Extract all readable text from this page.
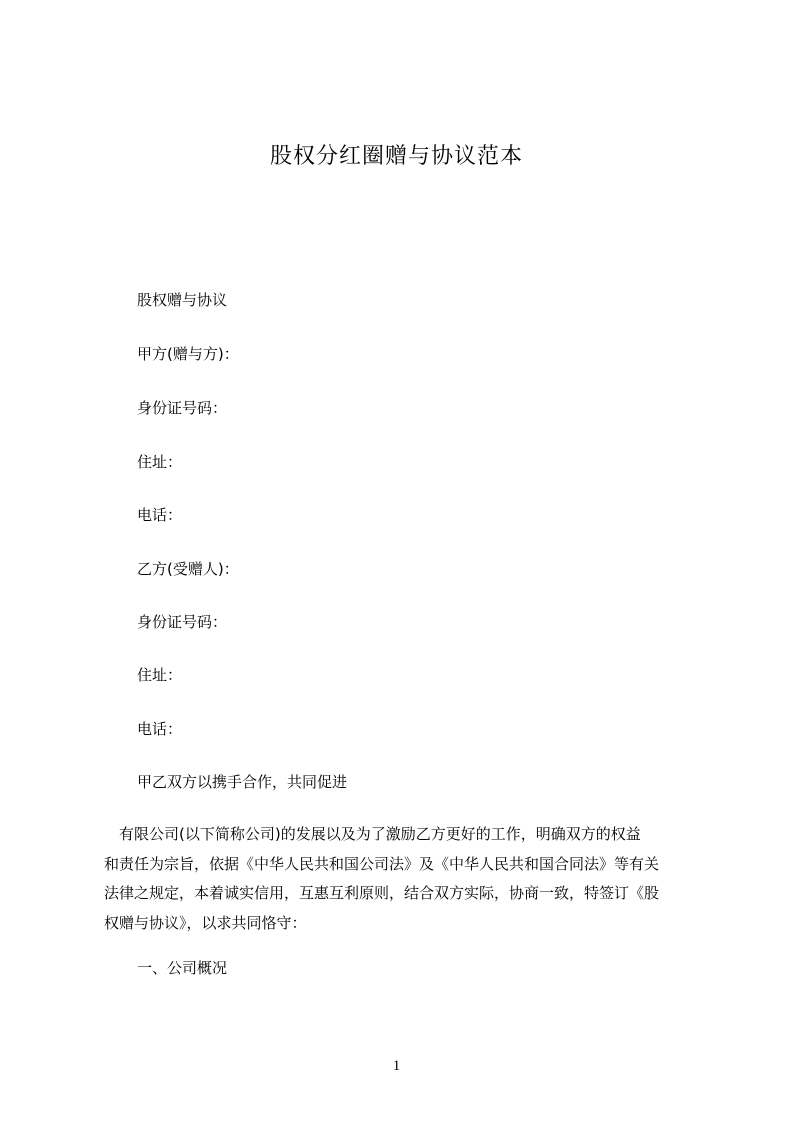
股权分红圈赠与协议范本
股权赠与协议
甲方(赠与方)：
身份证号码：
住址：
电话：
乙方(受赠人)：
身份证号码：
住址：
电话：
甲乙双方以携手合作，共同促进
　有限公司(以下简称公司)的发展以及为了激励乙方更好的工作，明确双方的权益
和责任为宗旨，依据《中华人民共和国公司法》及《中华人民共和国合同法》等有关
法律之规定，本着诚实信用，互惠互利原则，结合双方实际，协商一致，特签订《股
权赠与协议》，以求共同恪守：
一、公司概况
1
